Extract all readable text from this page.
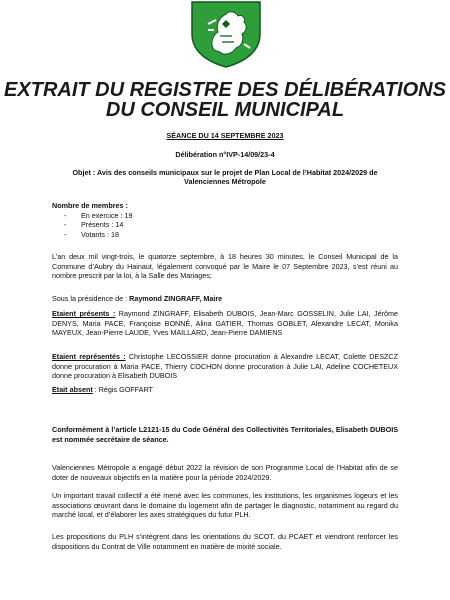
EXTRAIT DU REGISTRE DES DÉLIBÉRATIONS
DU CONSEIL MUNICIPAL
SÉANCE DU 14 SEPTEMBRE 2023
Délibération n°IVP-14/09/23-4
Objet : Avis des conseils municipaux sur le projet de Plan Local de l’Habitat 2024/2029 de Valenciennes Métropole
Nombre de membres :
- En exercice : 19
- Présents : 14
- Votants : 18
L’an deux mil vingt-trois, le quatorze septembre, à 18 heures 30 minutes, le Conseil Municipal de la Commune d’Aubry du Hainaut, légalement convoqué par le Maire le 07 Septembre 2023, s’est réuni au nombre prescrit par la loi, à la Salle des Mariages;
Sous la présidence de : Raymond ZINGRAFF, Maire
Etaient présents : Raymond ZINGRAFF, Elisabeth DUBOIS, Jean-Marc GOSSELIN, Julie LAI, Jérôme DENYS, Maria PACE, Françoise BONNÉ, Alina GATIER, Thomas GOBLET, Alexandre LECAT, Monika MAYEUX, Jean-Pierre LAUDE, Yves MAILLARD, Jean-Pierre DAMIENS
Etaient représentés : Christophe LECOSSIER donne procuration à Alexandre LECAT, Colette DESZCZ donne procuration à Maria PACE, Thierry COCHON donne procuration à Julie LAI, Adeline COCHETEUX donne procuration à Elisabeth DUBOIS
Etait absent : Régis GOFFART
Conformément à l’article L2121-15 du Code Général des Collectivités Territoriales, Elisabeth DUBOIS est nommée secrétaire de séance.
Valenciennes Métropole a engagé début 2022 la révision de son Programme Local de l’Habitat afin de se doter de nouveaux objectifs en la matière pour la période 2024/2029.
Un important travail collectif a été mené avec les communes, les institutions, les organismes logeurs et les associations œuvrant dans le domaine du logement afin de partager le diagnostic, notamment au regard du marché local, et d’élaborer les axes stratégiques du futur PLH.
Les propositions du PLH s’intègrent dans les orientations du SCOT, du PCAET et viendront renforcer les dispositions du Contrat de Ville notamment en matière de mixité sociale.
